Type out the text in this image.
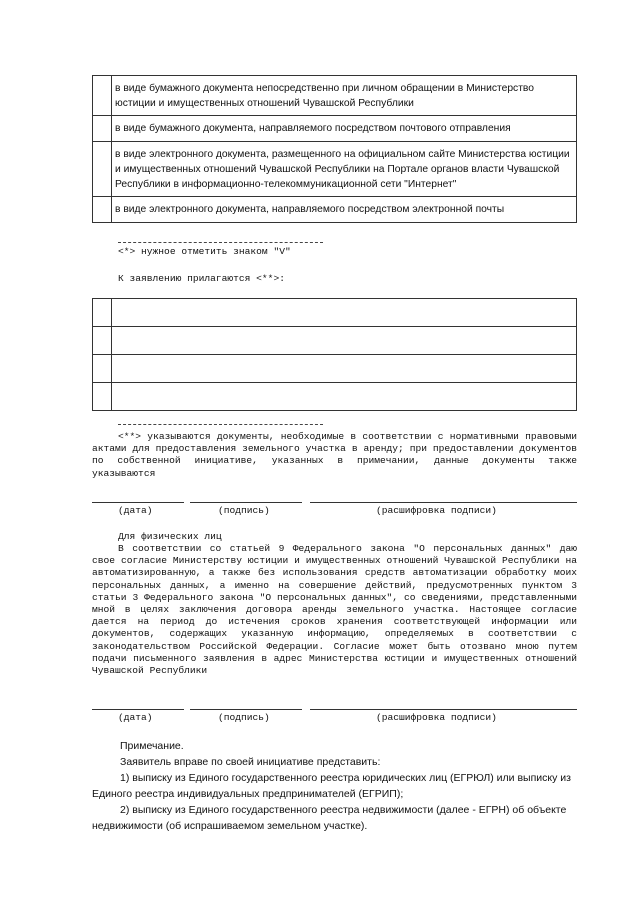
	в виде бумажного документа непосредственно при личном обращении в Министерство юстиции и имущественных отношений Чувашской Республики
	в виде бумажного документа, направляемого посредством почтового отправления
	в виде электронного документа, размещенного на официальном сайте Министерства юстиции и имущественных отношений Чувашской Республики на Портале органов власти Чувашской Республики в информационно-телекоммуникационной сети "Интернет"
	в виде электронного документа, направляемого посредством электронной почты
<*> нужное отметить знаком "V"
К заявлению прилагаются <**>:

<**> указываются документы, необходимые в соответствии с нормативными правовыми актами для предоставления земельного участка в аренду; при предоставлении документов по собственной инициативе, указанных в примечании, данные документы также указываются
(дата)	(подпись)	(расшифровка подписи)
Для физических лиц
В соответствии со статьей 9 Федерального закона "О персональных данных" даю свое согласие Министерству юстиции и имущественных отношений Чувашской Республики на автоматизированную, а также без использования средств автоматизации обработку моих персональных данных, а именно на совершение действий, предусмотренных пунктом 3 статьи 3 Федерального закона "О персональных данных", со сведениями, представленными мной в целях заключения договора аренды земельного участка. Настоящее согласие дается на период до истечения сроков хранения соответствующей информации или документов, содержащих указанную информацию, определяемых в соответствии с законодательством Российской Федерации. Согласие может быть отозвано мною путем подачи письменного заявления в адрес Министерства юстиции и имущественных отношений Чувашской Республики
(дата)	(подпись)	(расшифровка подписи)

Примечание.

Заявитель вправе по своей инициативе представить:

1) выписку из Единого государственного реестра юридических лиц (ЕГРЮЛ) или выписку из Единого реестра индивидуальных предпринимателей (ЕГРИП);

2) выписку из Единого государственного реестра недвижимости (далее - ЕГРН) об объекте недвижимости (об испрашиваемом земельном участке).
